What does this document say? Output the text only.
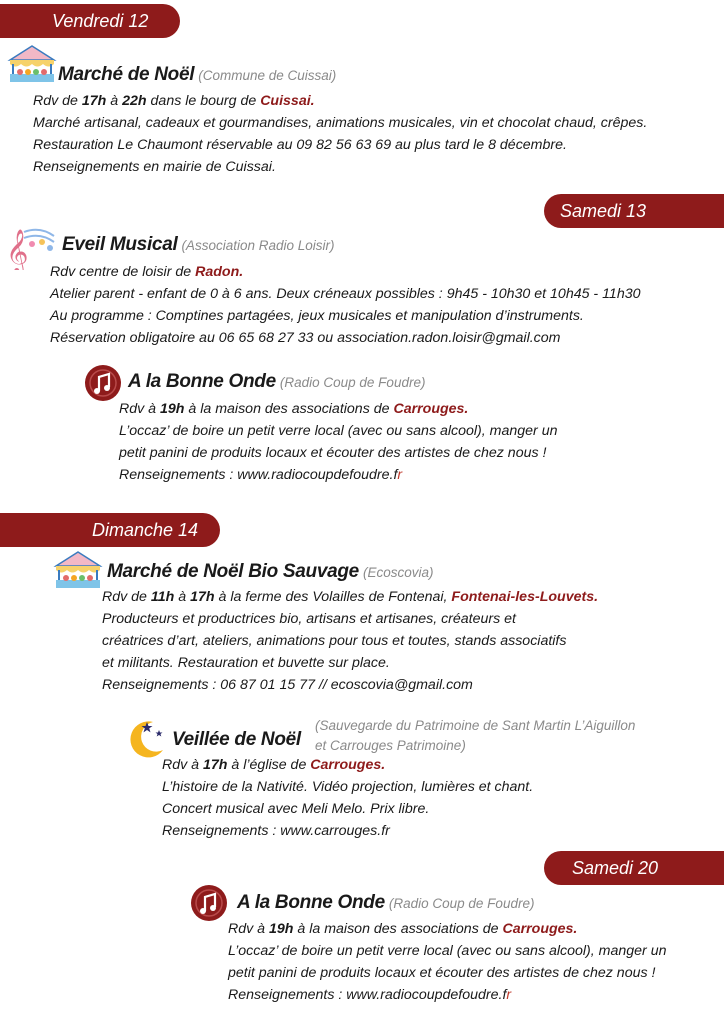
Vendredi 12
Samedi 13
Dimanche 14
Samedi 20
Marché de Noël (Commune de Cuissai)
Rdv de 17h à 22h dans le bourg de Cuissai.
Marché artisanal, cadeaux et gourmandises, animations musicales, vin et chocolat chaud, crêpes.
Restauration Le Chaumont réservable au 09 82 56 63 69 au plus tard le 8 décembre.
Renseignements en mairie de Cuissai.
𝄞 Eveil Musical (Association Radio Loisir)
Rdv centre de loisir de Radon.
Atelier parent - enfant de 0 à 6 ans. Deux créneaux possibles : 9h45 - 10h30 et 10h45 - 11h30
Au programme : Comptines partagées, jeux musicales et manipulation d’instruments.
Réservation obligatoire au 06 65 68 27 33 ou association.radon.loisir@gmail.com
A la Bonne Onde (Radio Coup de Foudre)
Rdv à 19h à la maison des associations de Carrouges.
L’occaz’ de boire un petit verre local (avec ou sans alcool), manger un
petit panini de produits locaux et écouter des artistes de chez nous !
Renseignements : www.radiocoupdefoudre.fr
Marché de Noël Bio Sauvage (Ecoscovia)
Rdv de 11h à 17h à la ferme des Volailles de Fontenai, Fontenai-les-Louvets.
Producteurs et productrices bio, artisans et artisanes, créateurs et
créatrices d’art, ateliers, animations pour tous et toutes, stands associatifs
et militants. Restauration et buvette sur place.
Renseignements : 06 87 01 15 77 // ecoscovia@gmail.com
Veillée de Noël
(Sauvegarde du Patrimoine de Sant Martin L’Aiguillon
et Carrouges Patrimoine)
Rdv à 17h à l’église de Carrouges.
L’histoire de la Nativité. Vidéo projection, lumières et chant.
Concert musical avec Meli Melo. Prix libre.
Renseignements : www.carrouges.fr
A la Bonne Onde (Radio Coup de Foudre)
Rdv à 19h à la maison des associations de Carrouges.
L’occaz’ de boire un petit verre local (avec ou sans alcool), manger un
petit panini de produits locaux et écouter des artistes de chez nous !
Renseignements : www.radiocoupdefoudre.fr
